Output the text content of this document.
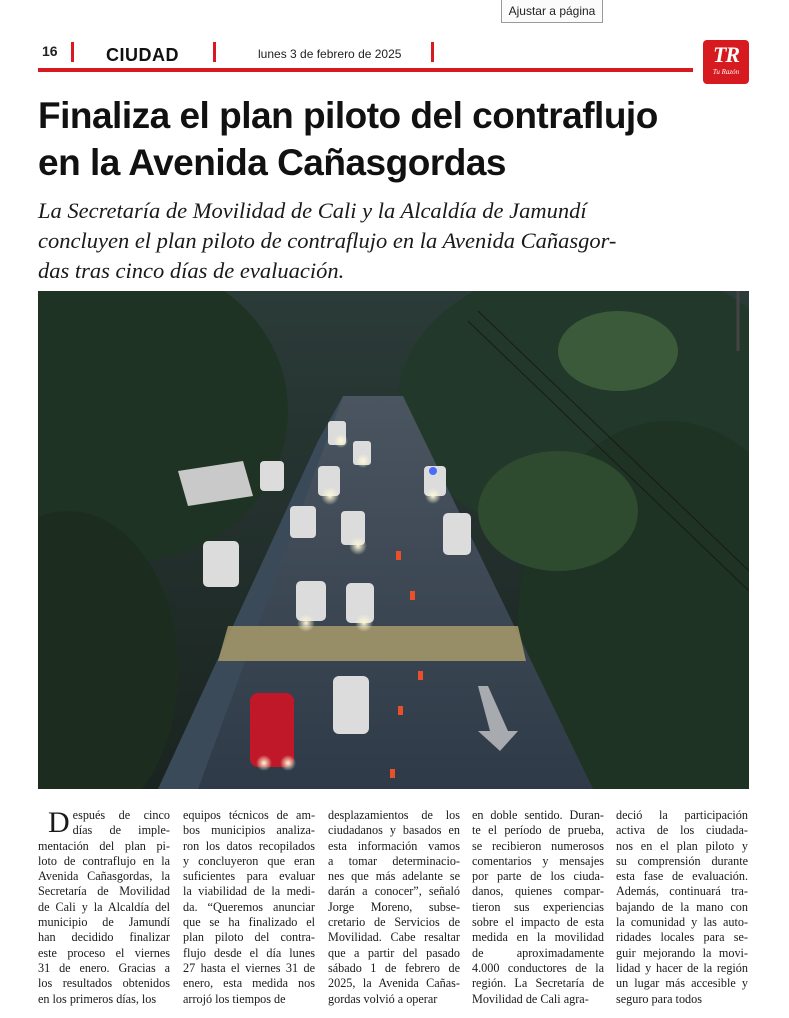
Ajustar a página
16	CIUDAD	lunes 3 de febrero de 2025	TR
Tu Razón
Finaliza el plan piloto del contraflujo
en la Avenida Cañasgordas
La Secretaría de Movilidad de Cali y la Alcaldía de Jamundí
concluyen el plan piloto de contraflujo en la Avenida Cañasgor-
das tras cinco días de evaluación.
D espués de cinco
días de imple-
mentación del plan pi-
loto de contraflujo en la
Avenida Cañasgordas, la
Secretaría de Movilidad
de Cali y la Alcaldía del
municipio de Jamundí
han decidido finalizar
este proceso el viernes
31 de enero. Gracias a
los resultados obtenidos
en los primeros días, los
equipos técnicos de am-
bos municipios analiza-
ron los datos recopilados
y concluyeron que eran
suficientes para evaluar
la viabilidad de la medi-
da. “Queremos anunciar
que se ha finalizado el
plan piloto del contra-
flujo desde el día lunes
27 hasta el viernes 31 de
enero, esta medida nos
arrojó los tiempos de
desplazamientos de los
ciudadanos y basados en
esta información vamos
a tomar determinacio-
nes que más adelante se
darán a conocer”, señaló
Jorge Moreno, subse-
cretario de Servicios de
Movilidad. Cabe resaltar
que a partir del pasado
sábado 1 de febrero de
2025, la Avenida Cañas-
gordas volvió a operar
en doble sentido. Duran-
te el período de prueba,
se recibieron numerosos
comentarios y mensajes
por parte de los ciuda-
danos, quienes compar-
tieron sus experiencias
sobre el impacto de esta
medida en la movilidad
de aproximadamente
4.000 conductores de la
región. La Secretaría de
Movilidad de Cali agra-
deció la participación
activa de los ciudada-
nos en el plan piloto y
su comprensión durante
esta fase de evaluación.
Además, continuará tra-
bajando de la mano con
la comunidad y las auto-
ridades locales para se-
guir mejorando la movi-
lidad y hacer de la región
un lugar más accesible y
seguro para todos
